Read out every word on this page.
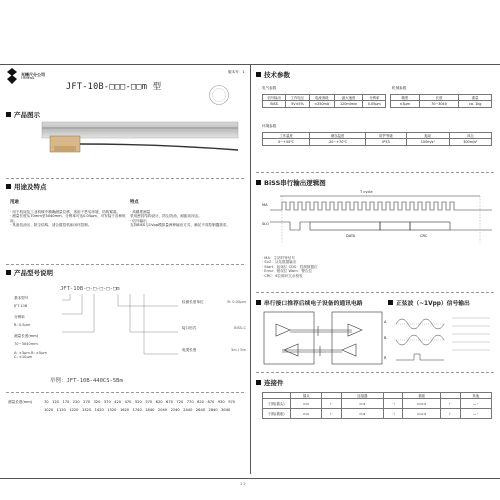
光栅尺分公司
YISHENG
JFT-10B-□□□-□□m 型
版本号：1
产品图示
用途及特点
用途
· 用于机床及工业机械中精确测量位移，适用于恶劣环境，结构紧凑。
· 测量长度从70mm至3040mm，分辨率可达0.05μm，可安装于各种机床。
· 具备抗油污、防尘结构，适合数控机床闭环控制。
特点
· 高精度测量
采用密封结构设计，防尘防油，耐振动冲击。
· 信号输出
支持BiSS与1Vpp模拟量两种输出方式，满足不同控制器需求。
产品型号说明
JFT-10B-□-□-□-□-□m
基本型号
JFT-10B
分辨率
B: 0.5μm
测量长度(mm)
70~3040mm
A: ±3μm B: ±5μm
C: ±10μm
检测长度单位	B: 0.05μm
接口形式	BiSS-C
电缆长度	3m / 5m
举例：JFT-10B-440CS-5Bm
测量长度(mm)	70 120 170 220 270 320 370 420 470 520 570 620 670 720 770 820 870 920 970
1020 1120 1220 1320 1420 1520 1620 1740 1840 2040 2240 2440 2640 2840 3040
技术参数
电气参数	机械参数
信号输出	工作电压	电流消耗	最大速度	分辨率
BiSS	5V±5%	<250mA	120m/min	0.05μm
精度	长度	重量
±3μm	70~3040	ca. 1kg
环境参数
工作温度	储存温度	防护等级	振动	冲击
0~+50℃	-20~+70℃	IP53	100m/s²	300m/s²
BiSS串行输出逻辑图
MA
SLO
T cycle
DATA	CRC
· MA：主站时钟信号
· SLO：从站数据输出
· Start：起始位 CDS：控制数据位
· Error：错误位 Warn：警告位
· CRC：6位循环冗余校验
串行接口推荐后续电子设备的通讯电路	正弦波（~1Vpp）信号输出
A
B
R
连接件
	插头		连接器		插座		其他
引线(插头)	⊏▭	⊢	▭⊐	⊣	⊏▭⊐	⊢	—◦
引线(插座)	⊏▭	⊢	▭⊐	⊣	⊏▭⊐	⊢	—◦
1 2
